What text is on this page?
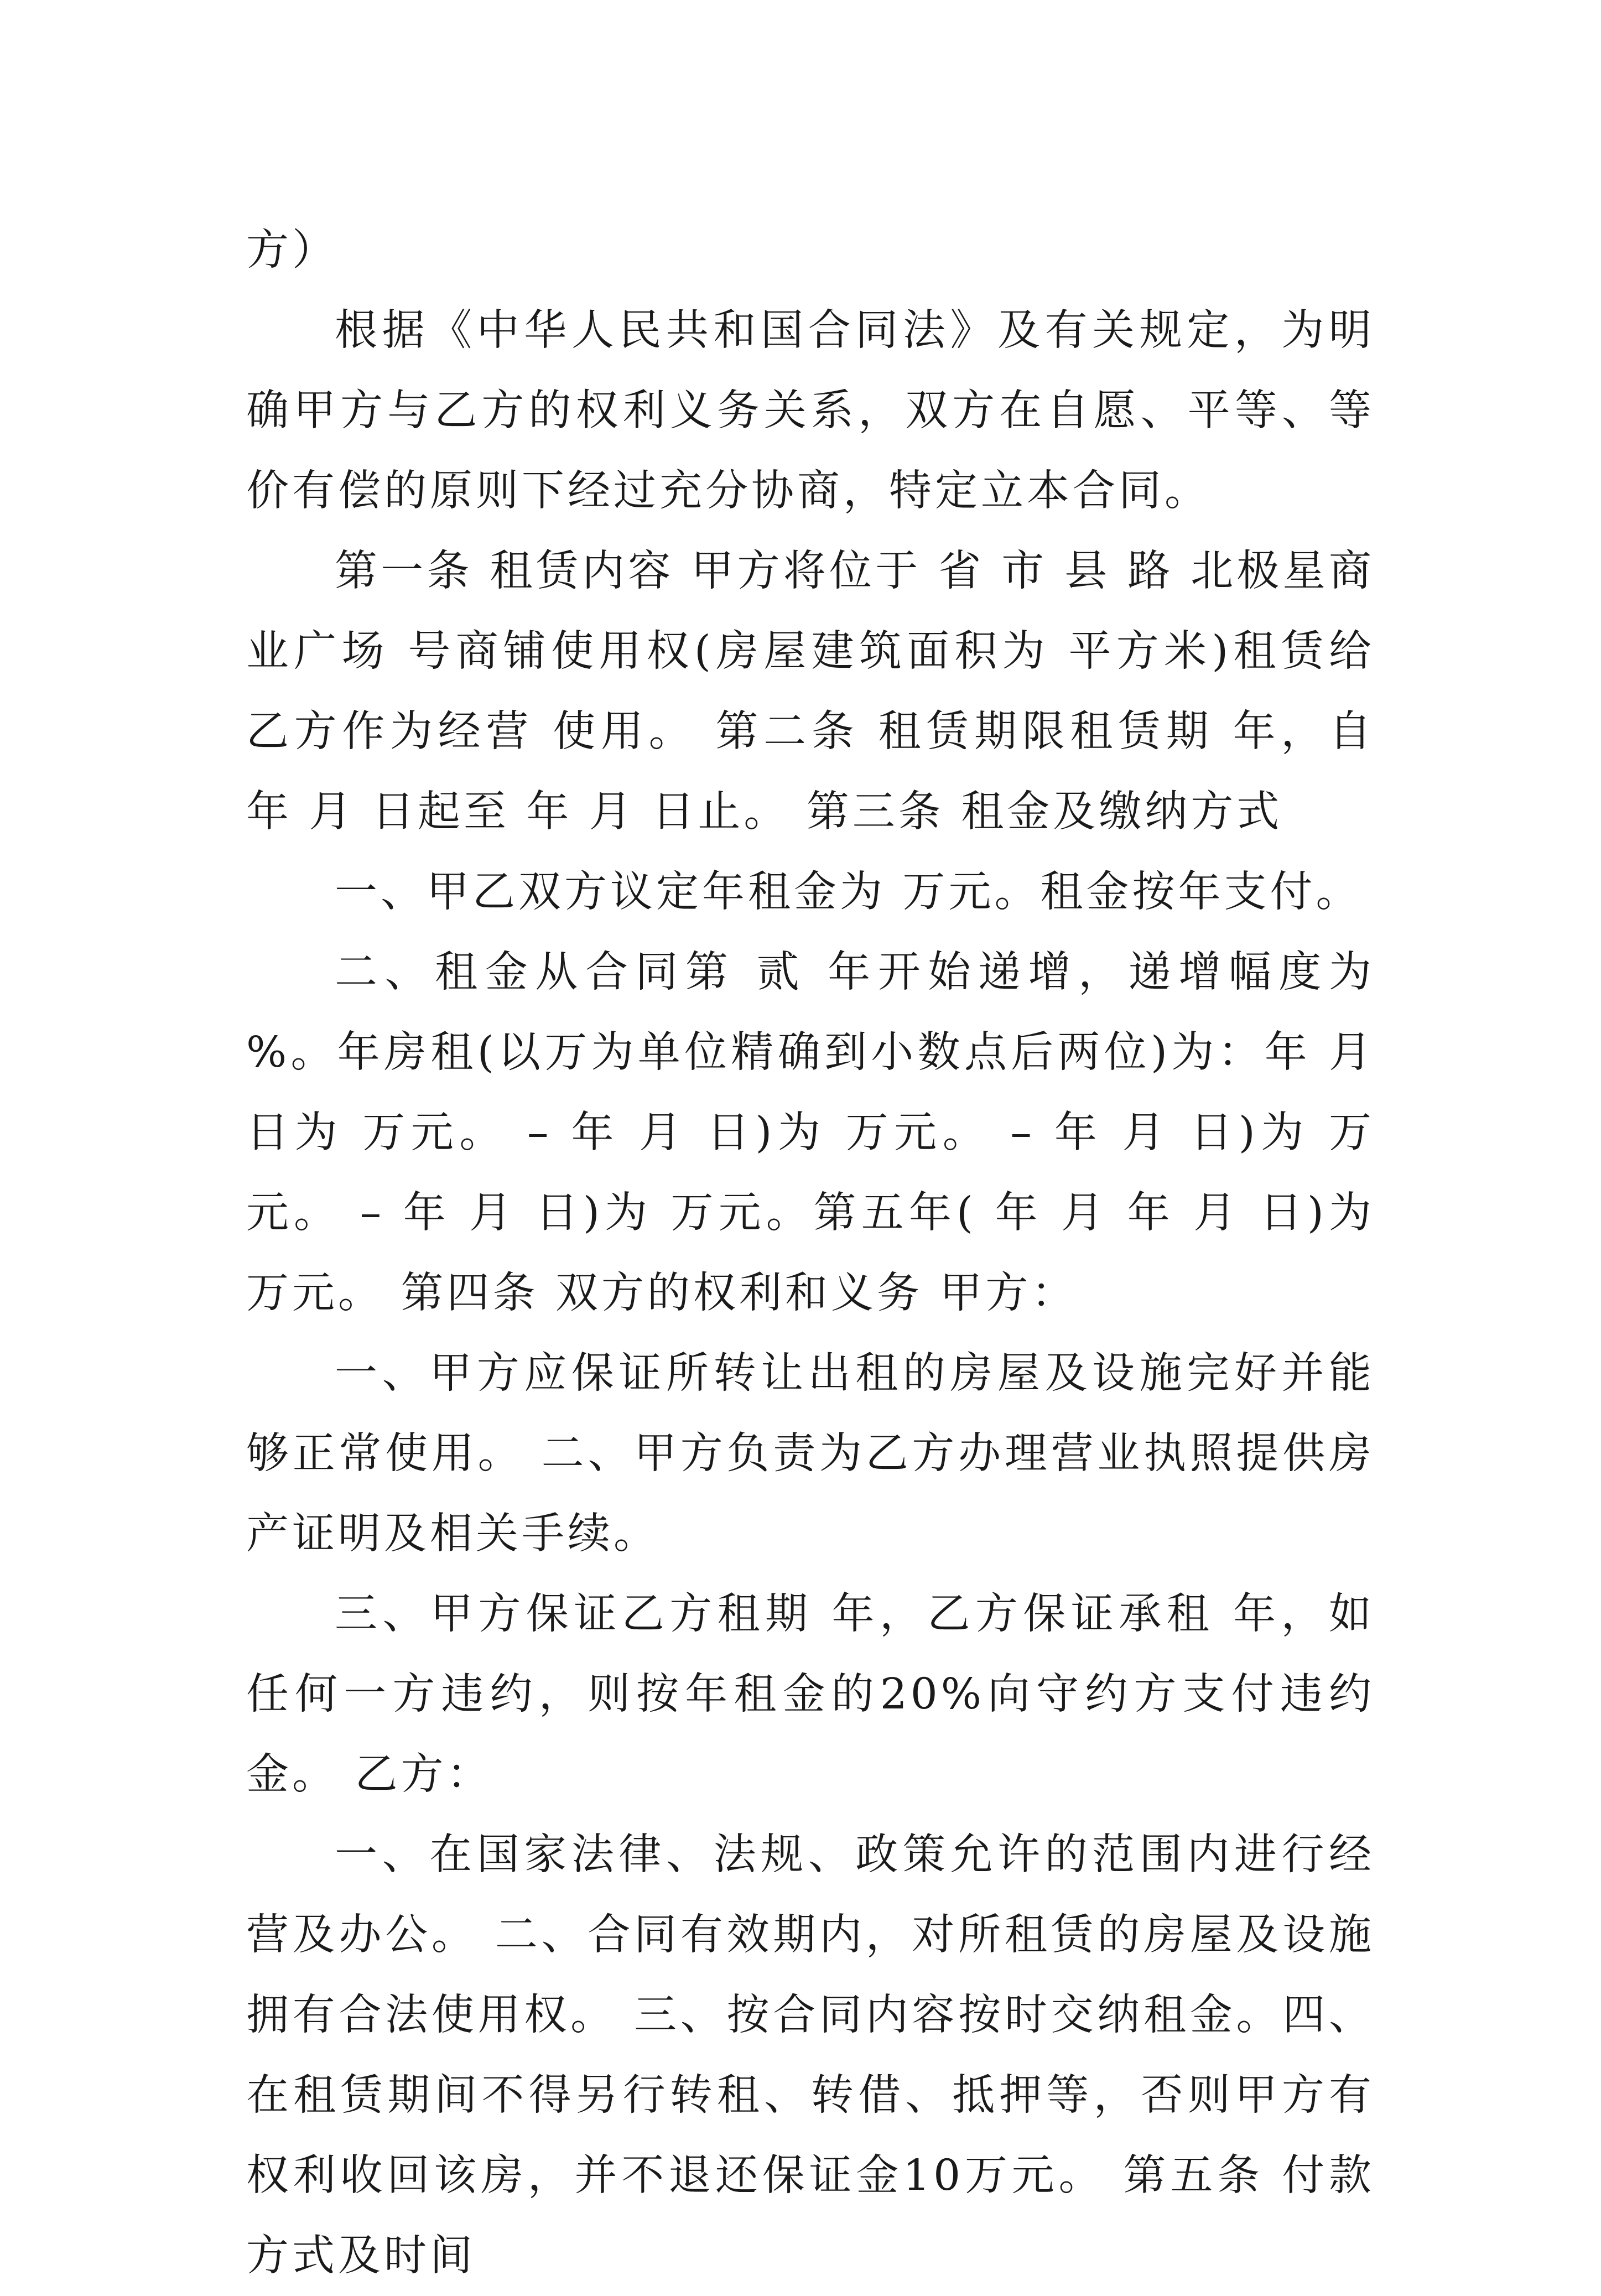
方）

根据《中华人民共和国合同法》及有关规定，为明确甲方与乙方的权利义务关系，双方在自愿、平等、等价有偿的原则下经过充分协商，特定立本合同。

第一条 租赁内容 甲方将位于 省 市 县 路 北极星商业广场 号商铺使用权(房屋建筑面积为 平方米)租赁给乙方作为经营 使用。 第二条 租赁期限租赁期 年，自 年 月 日起至 年 月 日止。 第三条 租金及缴纳方式

一、甲乙双方议定年租金为 万元。租金按年支付。

二、租金从合同第 贰 年开始递增，递增幅度为 %。年房租(以万为单位精确到小数点后两位)为：年 月 日为 万元。 – 年 月 日)为 万元。 – 年 月 日)为 万元。 – 年 月 日)为 万元。第五年( 年 月 年 月 日)为 万元。 第四条 双方的权利和义务 甲方：

一、甲方应保证所转让出租的房屋及设施完好并能够正常使用。 二、甲方负责为乙方办理营业执照提供房产证明及相关手续。

三、甲方保证乙方租期 年，乙方保证承租 年，如任何一方违约，则按年租金的20%向守约方支付违约金。 乙方：

一、在国家法律、法规、政策允许的范围内进行经营及办公。 二、合同有效期内，对所租赁的房屋及设施拥有合法使用权。 三、按合同内容按时交纳租金。四、在租赁期间不得另行转租、转借、抵押等，否则甲方有权利收回该房，并不退还保证金10万元。 第五条 付款方式及时间
